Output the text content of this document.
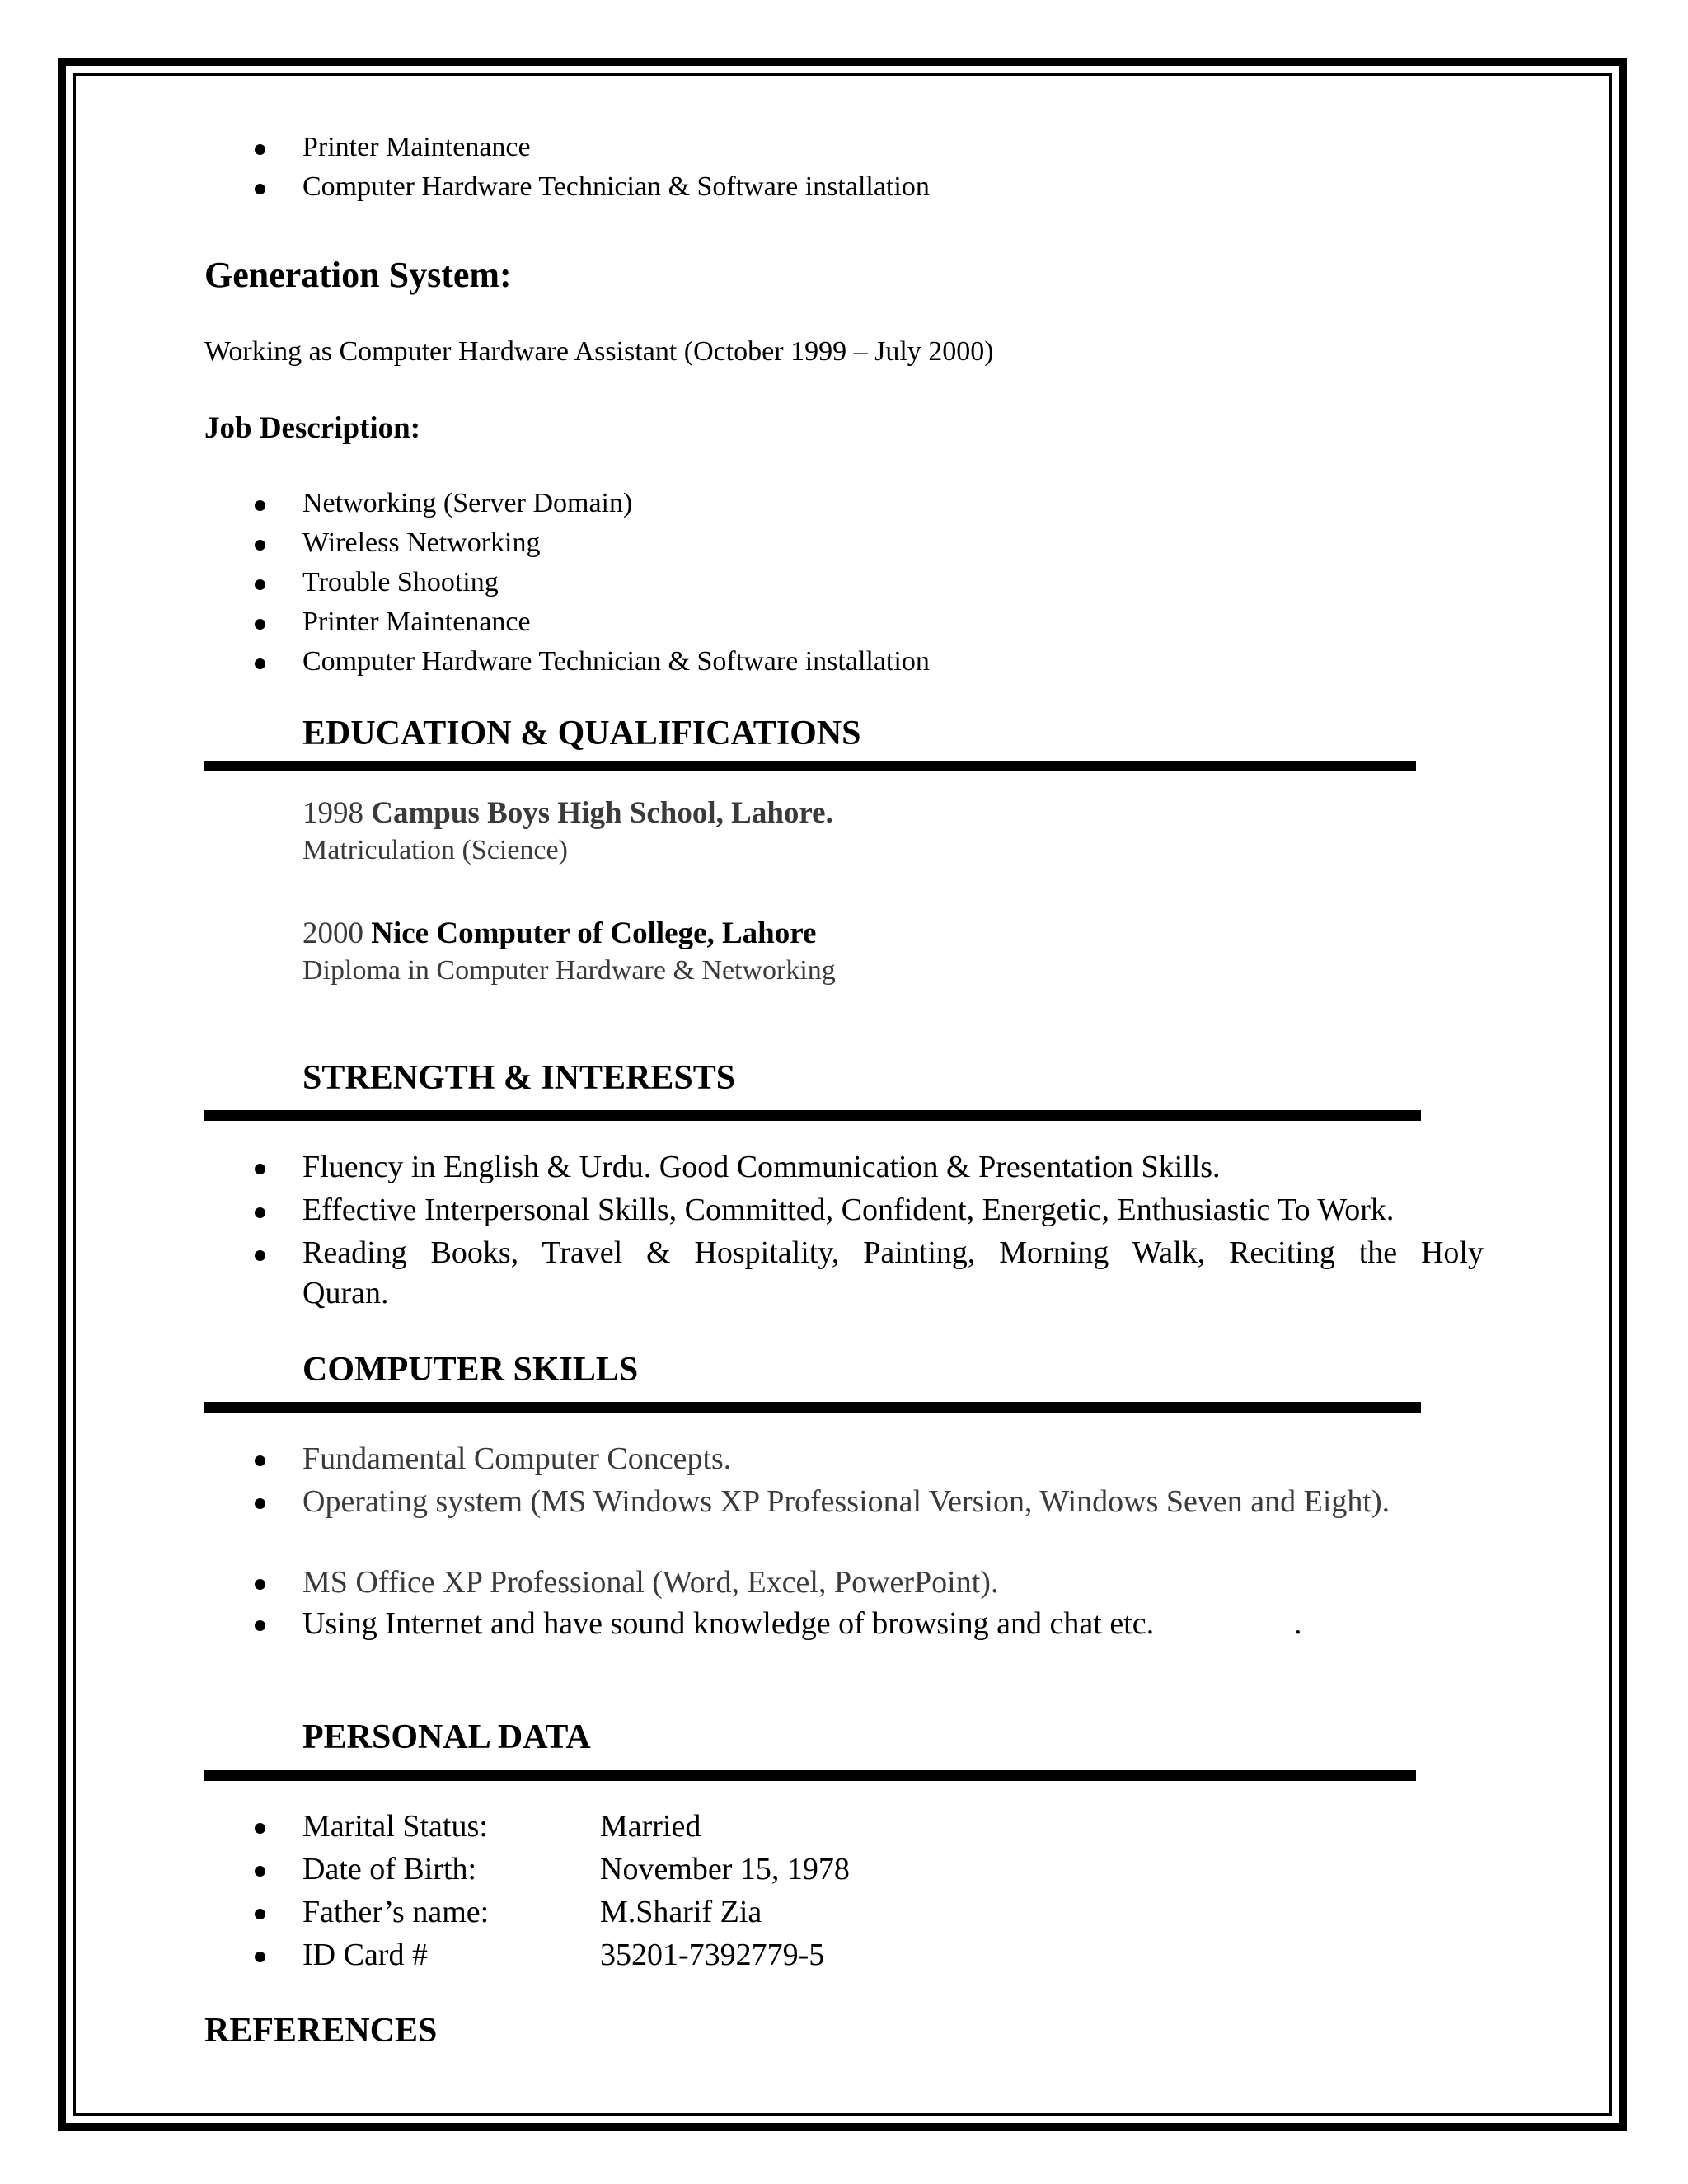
Printer Maintenance
Computer Hardware Technician & Software installation
Generation System:
Working as Computer Hardware Assistant (October 1999 – July 2000)
Job Description:
Networking (Server Domain)
Wireless Networking
Trouble Shooting
Printer Maintenance
Computer Hardware Technician & Software installation
EDUCATION & QUALIFICATIONS
1998 Campus Boys High School, Lahore.
Matriculation (Science)
2000 Nice Computer of College, Lahore
Diploma in Computer Hardware & Networking
STRENGTH & INTERESTS
Fluency in English & Urdu. Good Communication & Presentation Skills.
Effective Interpersonal Skills, Committed, Confident, Energetic, Enthusiastic To Work.
Reading Books, Travel & Hospitality, Painting, Morning Walk, Reciting the Holy
Quran.
COMPUTER SKILLS
Fundamental Computer Concepts.
Operating system (MS Windows XP Professional Version, Windows Seven and Eight).
MS Office XP Professional (Word, Excel, PowerPoint).
Using Internet and have sound knowledge of browsing and chat etc.	.
PERSONAL DATA
Marital Status:	Married
Date of Birth:	November 15, 1978
Father’s name:	M.Sharif Zia
ID Card #	35201-7392779-5
REFERENCES
